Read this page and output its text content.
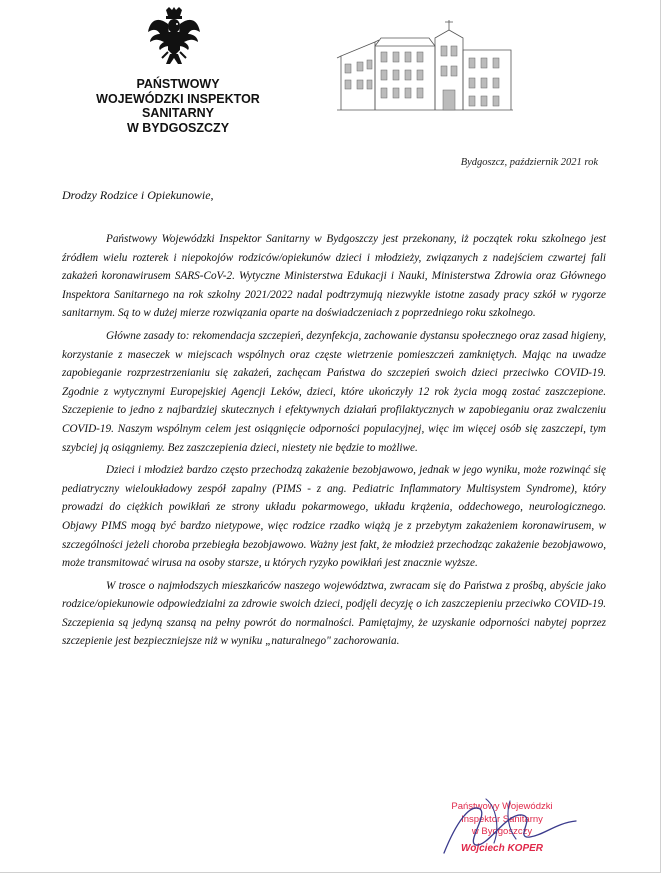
PAŃSTWOWY
WOJEWÓDZKI INSPEKTOR
SANITARNY
W BYDGOSZCZY
Bydgoszcz, październik 2021 rok
Drodzy Rodzice i Opiekunowie,

Państwowy Wojewódzki Inspektor Sanitarny w Bydgoszczy jest przekonany, iż początek roku szkolnego jest źródłem wielu rozterek i niepokojów rodziców/opiekunów dzieci i młodzieży, związanych z nadejściem czwartej fali zakażeń koronawirusem SARS-CoV-2. Wytyczne Ministerstwa Edukacji i Nauki, Ministerstwa Zdrowia oraz Głównego Inspektora Sanitarnego na rok szkolny 2021/2022 nadal podtrzymują niezwykle istotne zasady pracy szkół w rygorze sanitarnym. Są to w dużej mierze rozwiązania oparte na doświadczeniach z poprzedniego roku szkolnego.

Główne zasady to: rekomendacja szczepień, dezynfekcja, zachowanie dystansu społecznego oraz zasad higieny, korzystanie z maseczek w miejscach wspólnych oraz częste wietrzenie pomieszczeń zamkniętych. Mając na uwadze zapobieganie rozprzestrzenianiu się zakażeń, zachęcam Państwa do szczepień swoich dzieci przeciwko COVID-19. Zgodnie z wytycznymi Europejskiej Agencji Leków, dzieci, które ukończyły 12 rok życia mogą zostać zaszczepione. Szczepienie to jedno z najbardziej skutecznych i efektywnych działań profilaktycznych w zapobieganiu oraz zwalczeniu COVID-19. Naszym wspólnym celem jest osiągnięcie odporności populacyjnej, więc im więcej osób się zaszczepi, tym szybciej ją osiągniemy. Bez zaszczepienia dzieci, niestety nie będzie to możliwe.

Dzieci i młodzież bardzo często przechodzą zakażenie bezobjawowo, jednak w jego wyniku, może rozwinąć się pediatryczny wieloukładowy zespół zapalny (PIMS - z ang. Pediatric Inflammatory Multisystem Syndrome), który prowadzi do ciężkich powikłań ze strony układu pokarmowego, układu krążenia, oddechowego, neurologicznego. Objawy PIMS mogą być bardzo nietypowe, więc rodzice rzadko wiążą je z przebytym zakażeniem koronawirusem, w szczególności jeżeli choroba przebiegła bezobjawowo. Ważny jest fakt, że młodzież przechodząc zakażenie bezobjawowo, może transmitować wirusa na osoby starsze, u których ryzyko powikłań jest znacznie wyższe.

W trosce o najmłodszych mieszkańców naszego województwa, zwracam się do Państwa z prośbą, abyście jako rodzice/opiekunowie odpowiedzialni za zdrowie swoich dzieci, podjęli decyzję o ich zaszczepieniu przeciwko COVID-19. Szczepienia są jedyną szansą na pełny powrót do normalności. Pamiętajmy, że uzyskanie odporności nabytej poprzez szczepienie jest bezpieczniejsze niż w wyniku „naturalnego" zachorowania.

Państwowy Wojewódzki
Inspektor Sanitarny
w Bydgoszczy
Wojciech KOPER
